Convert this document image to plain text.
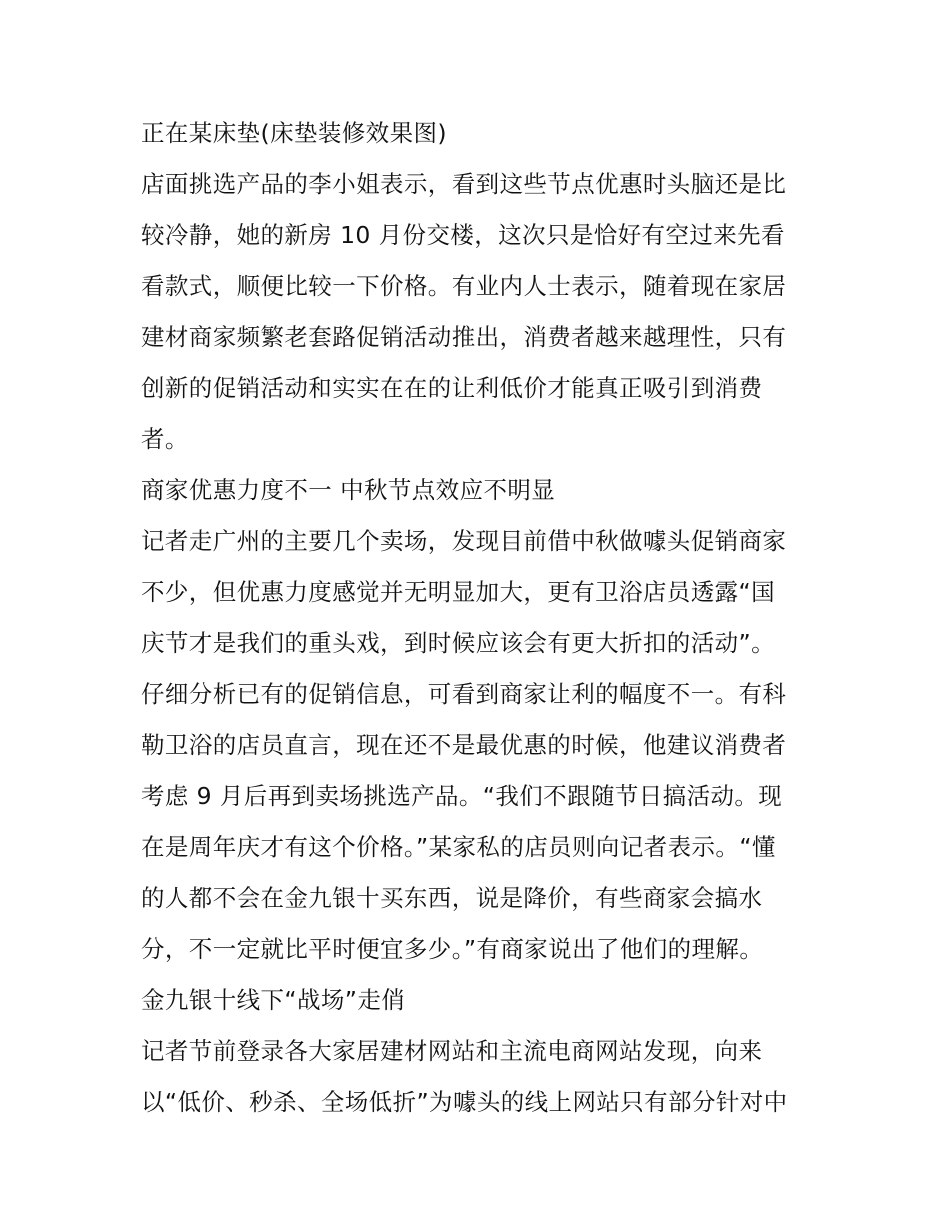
正在某床垫(床垫装修效果图)
店面挑选产品的李小姐表示，看到这些节点优惠时头脑还是比
较冷静，她的新房 10 月份交楼，这次只是恰好有空过来先看
看款式，顺便比较一下价格。有业内人士表示，随着现在家居
建材商家频繁老套路促销活动推出，消费者越来越理性，只有
创新的促销活动和实实在在的让利低价才能真正吸引到消费
者。
商家优惠力度不一 中秋节点效应不明显
记者走广州的主要几个卖场，发现目前借中秋做噱头促销商家
不少，但优惠力度感觉并无明显加大，更有卫浴店员透露“国
庆节才是我们的重头戏，到时候应该会有更大折扣的活动”。
仔细分析已有的促销信息，可看到商家让利的幅度不一。有科
勒卫浴的店员直言，现在还不是最优惠的时候，他建议消费者
考虑 9 月后再到卖场挑选产品。“我们不跟随节日搞活动。现
在是周年庆才有这个价格。”某家私的店员则向记者表示。“懂
的人都不会在金九银十买东西，说是降价，有些商家会搞水
分，不一定就比平时便宜多少。”有商家说出了他们的理解。
金九银十线下“战场”走俏
记者节前登录各大家居建材网站和主流电商网站发现，向来
以“低价、秒杀、全场低折”为噱头的线上网站只有部分针对中
